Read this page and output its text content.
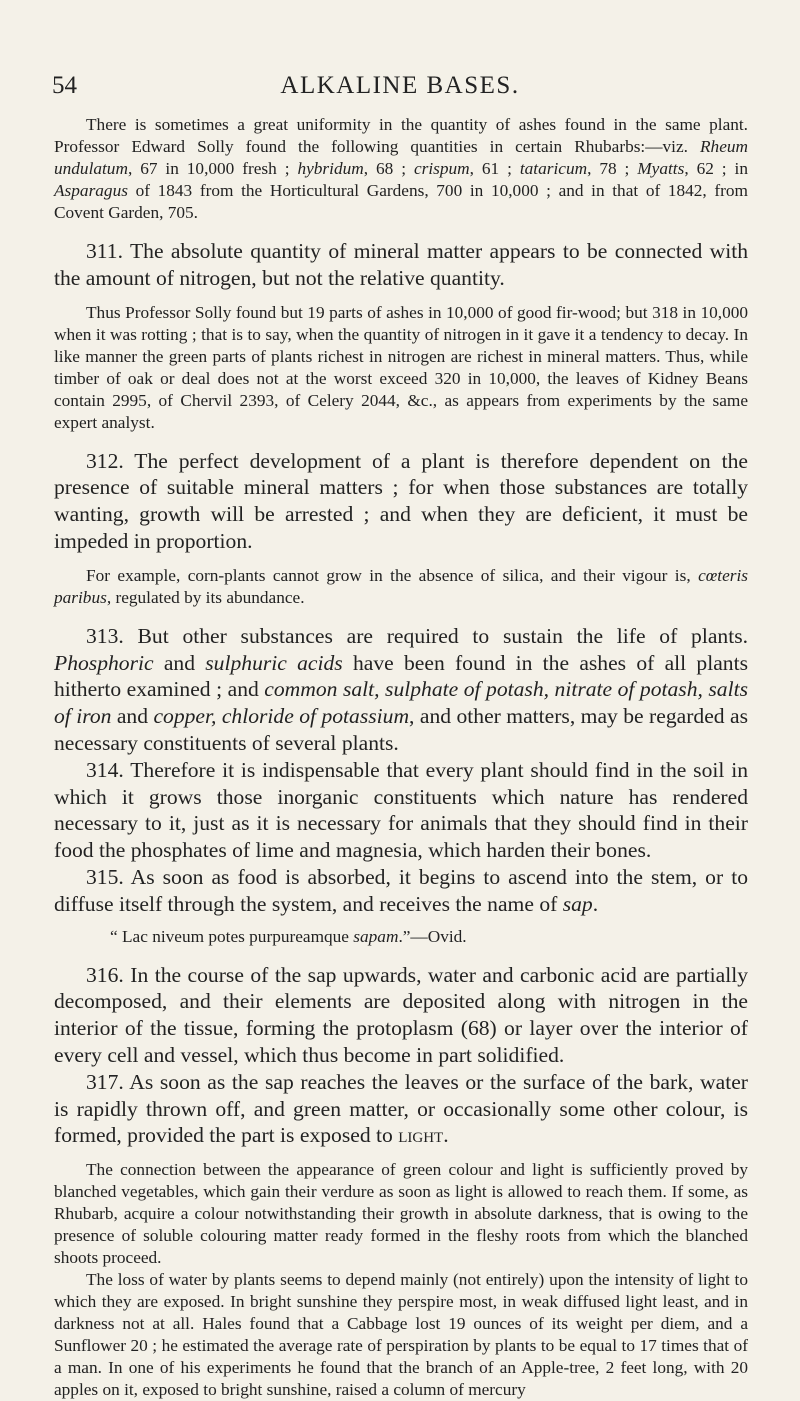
54	ALKALINE BASES.

There is sometimes a great uniformity in the quantity of ashes found in the same plant. Professor Edward Solly found the following quantities in certain Rhubarbs:—viz. Rheum undulatum, 67 in 10,000 fresh ; hybridum, 68 ; crispum, 61 ; tataricum, 78 ; Myatts, 62 ; in Asparagus of 1843 from the Horticultural Gardens, 700 in 10,000 ; and in that of 1842, from Covent Garden, 705.

311. The absolute quantity of mineral matter appears to be connected with the amount of nitrogen, but not the relative quantity.

Thus Professor Solly found but 19 parts of ashes in 10,000 of good fir-wood; but 318 in 10,000 when it was rotting ; that is to say, when the quantity of nitrogen in it gave it a tendency to decay. In like manner the green parts of plants richest in nitrogen are richest in mineral matters. Thus, while timber of oak or deal does not at the worst exceed 320 in 10,000, the leaves of Kidney Beans contain 2995, of Chervil 2393, of Celery 2044, &c., as appears from experiments by the same expert analyst.

312. The perfect development of a plant is therefore dependent on the presence of suitable mineral matters ; for when those substances are totally wanting, growth will be arrested ; and when they are deficient, it must be impeded in proportion.

For example, corn-plants cannot grow in the absence of silica, and their vigour is, cœteris paribus, regulated by its abundance.

313. But other substances are required to sustain the life of plants. Phosphoric and sulphuric acids have been found in the ashes of all plants hitherto examined ; and common salt, sulphate of potash, nitrate of potash, salts of iron and copper, chloride of potassium, and other matters, may be regarded as necessary constituents of several plants.

314. Therefore it is indispensable that every plant should find in the soil in which it grows those inorganic constituents which nature has rendered necessary to it, just as it is necessary for animals that they should find in their food the phosphates of lime and magnesia, which harden their bones.

315. As soon as food is absorbed, it begins to ascend into the stem, or to diffuse itself through the system, and receives the name of sap.

“ Lac niveum potes purpureamque sapam.”—Ovid.

316. In the course of the sap upwards, water and carbonic acid are partially decomposed, and their elements are deposited along with nitrogen in the interior of the tissue, forming the protoplasm (68) or layer over the interior of every cell and vessel, which thus become in part solidified.

317. As soon as the sap reaches the leaves or the surface of the bark, water is rapidly thrown off, and green matter, or occasionally some other colour, is formed, provided the part is exposed to light.

The connection between the appearance of green colour and light is sufficiently proved by blanched vegetables, which gain their verdure as soon as light is allowed to reach them. If some, as Rhubarb, acquire a colour notwithstanding their growth in absolute darkness, that is owing to the presence of soluble colouring matter ready formed in the fleshy roots from which the blanched shoots proceed.

The loss of water by plants seems to depend mainly (not entirely) upon the intensity of light to which they are exposed. In bright sunshine they perspire most, in weak diffused light least, and in darkness not at all. Hales found that a Cabbage lost 19 ounces of its weight per diem, and a Sunflower 20 ; he estimated the average rate of perspiration by plants to be equal to 17 times that of a man. In one of his experiments he found that the branch of an Apple-tree, 2 feet long, with 20 apples on it, exposed to bright sunshine, raised a column of mercury
